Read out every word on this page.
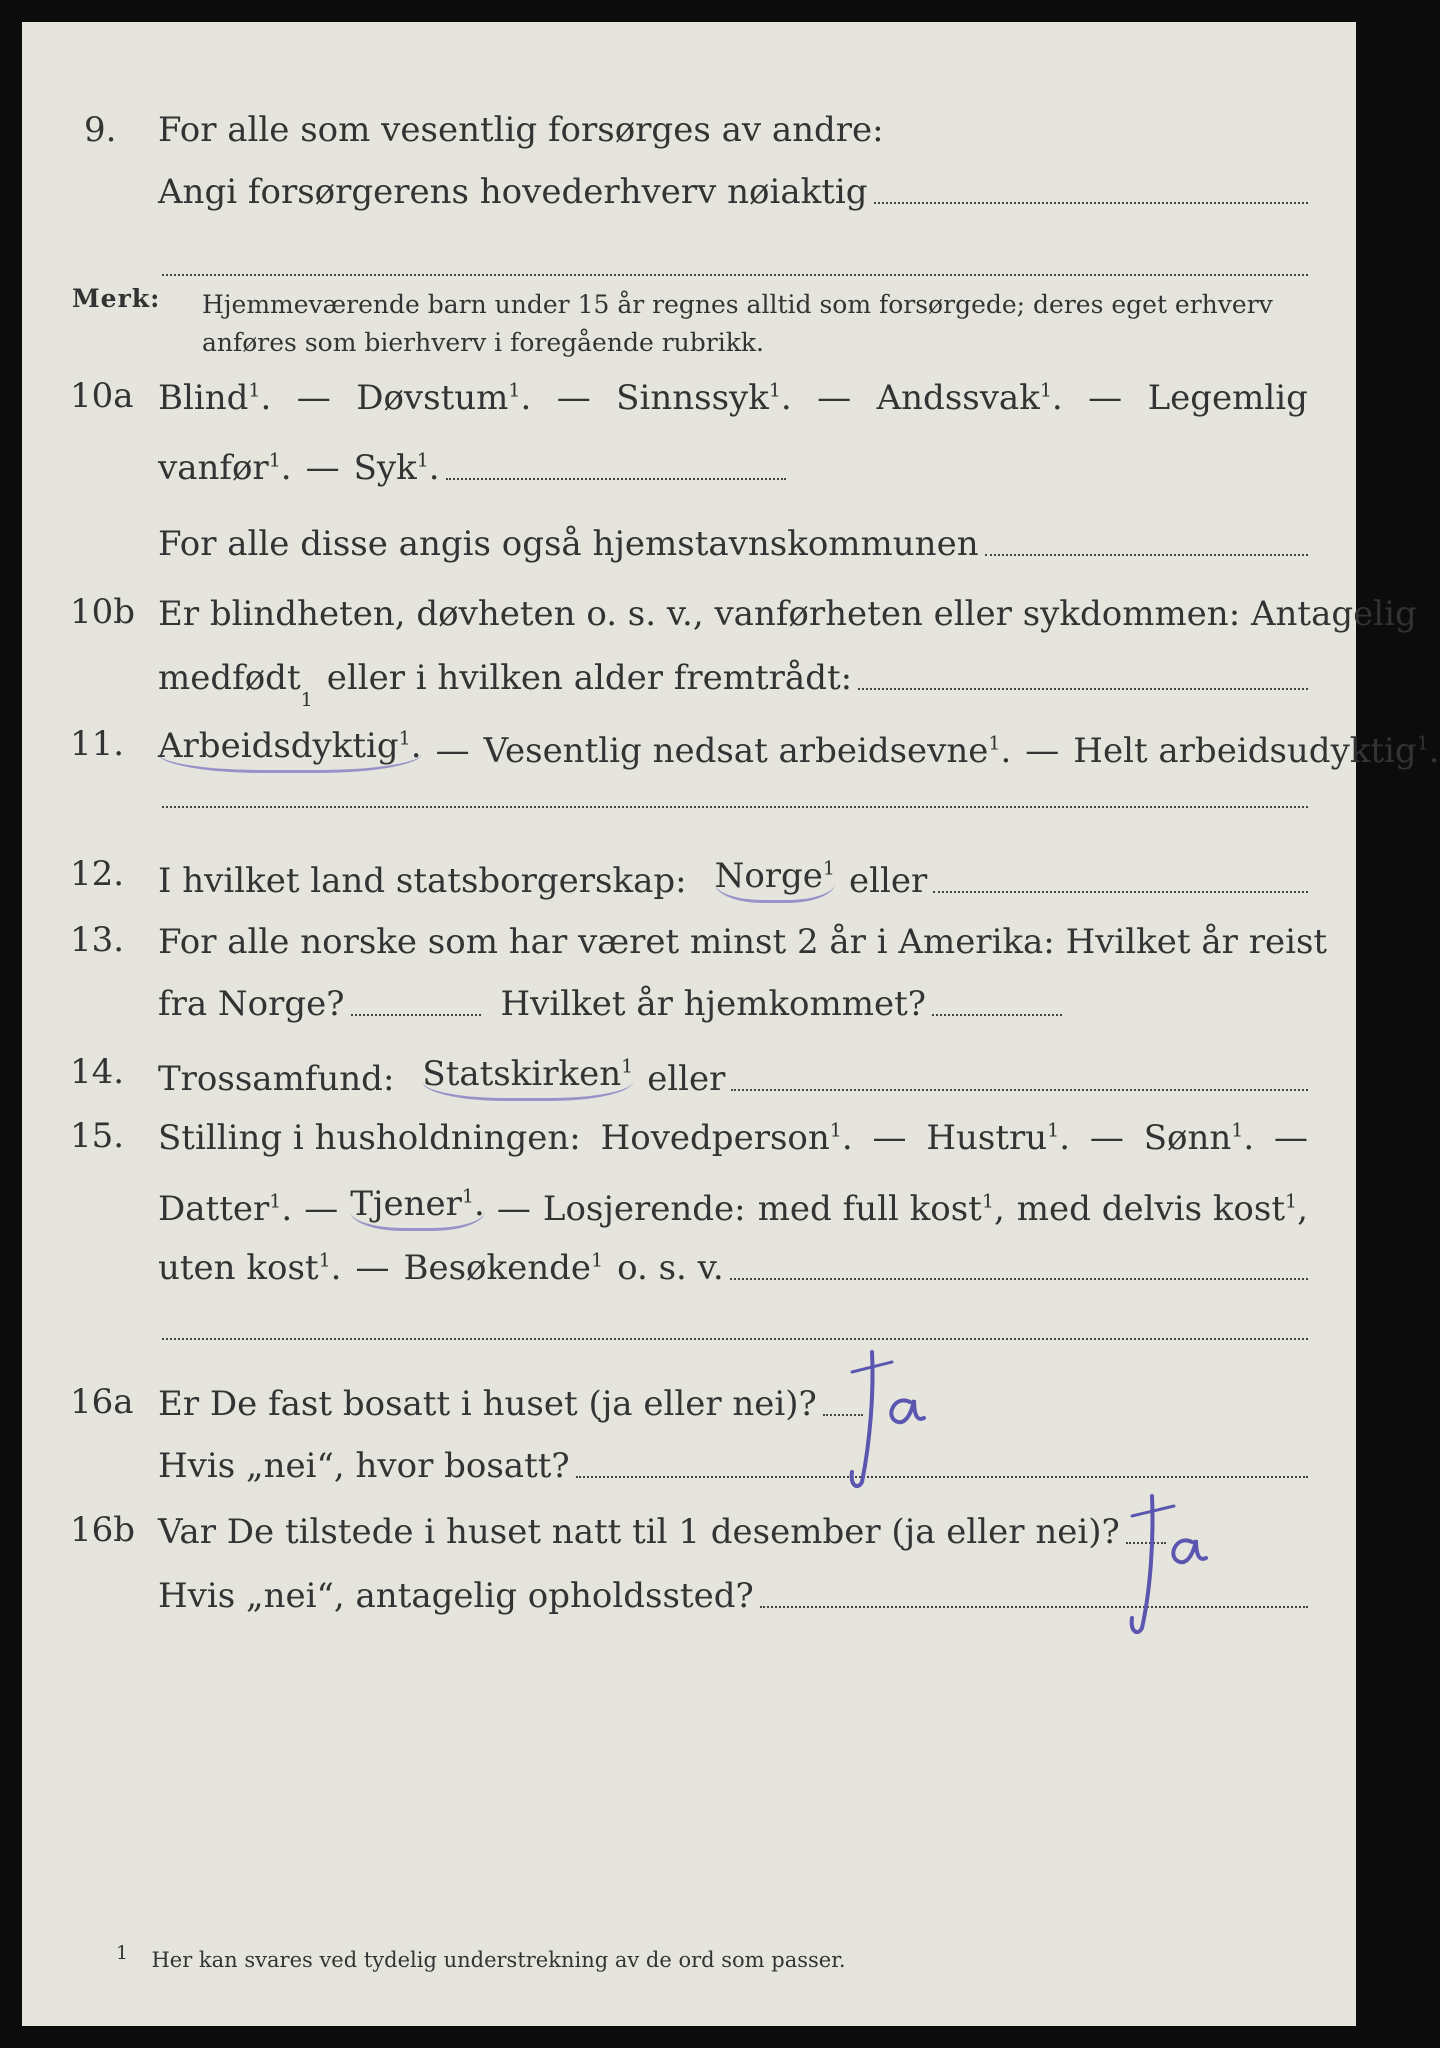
9. For alle som vesentlig forsørges av andre:
Angi forsørgerens hovederhverv nøiaktig
Merk: Hjemmeværende barn under 15 år regnes alltid som forsørgede; deres eget erhverv
anføres som bierhverv i foregående rubrikk.
10a Blind$^1$. — Døvstum$^1$. — Sinnssyk$^1$. — Andssvak$^1$. — Legemlig
vanfør$^1$. — Syk$^1$.
For alle disse angis også hjemstavnskommunen
10b Er blindheten, døvheten o. s. v., vanførheten eller sykdommen: Antagelig
medfødt
1
eller i hvilken alder fremtrådt:
11. Arbeidsdyktig$^1$. — Vesentlig nedsat arbeidsevne$^1$. — Helt arbeidsudyktig$^1$.
12. I hvilket land statsborgerskap: Norge$^1$ eller
13. For alle norske som har været minst 2 år i Amerika: Hvilket år reist
fra Norge?	Hvilket år hjemkommet?
14. Trossamfund: Statskirken$^1$ eller
15. Stilling i husholdningen: Hovedperson$^1$. — Hustru$^1$. — Sønn$^1$. —
Datter$^1$. — Tjener$^1$. — Losjerende: med full kost$^1$, med delvis kost$^1$,
uten kost$^1$. — Besøkende$^1$ o. s. v.
16a Er De fast bosatt i huset (ja eller nei)?
Hvis „nei“, hvor bosatt?
16b Var De tilstede i huset natt til 1 desember (ja eller nei)?
Hvis „nei“, antagelig opholdssted?
1 Her kan svares ved tydelig understrekning av de ord som passer.
